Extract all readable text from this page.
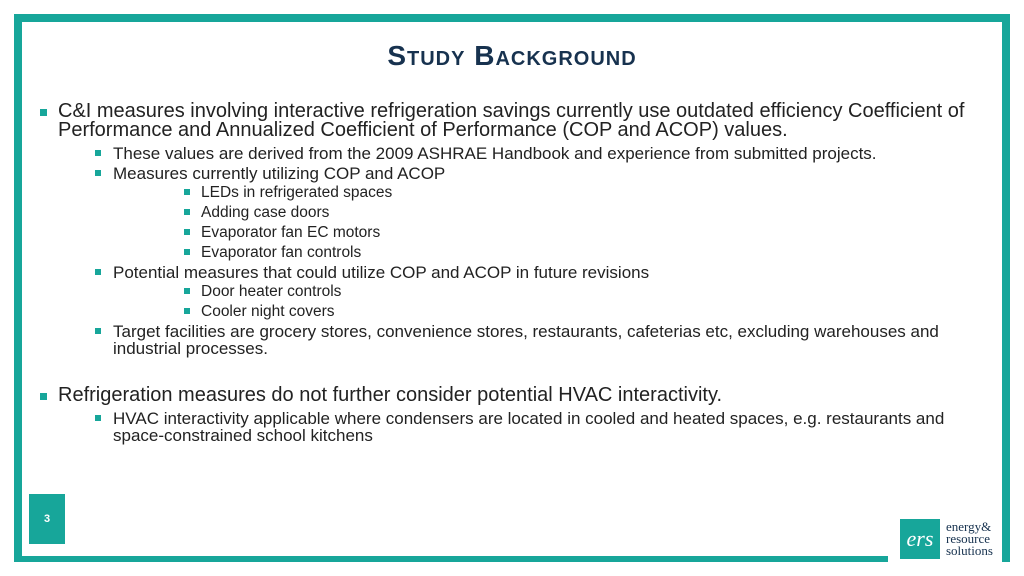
Study Background
C&I measures involving interactive refrigeration savings currently use outdated efficiency Coefficient of Performance and Annualized Coefficient of Performance (COP and ACOP) values.
These values are derived from the 2009 ASHRAE Handbook and experience from submitted projects.
Measures currently utilizing COP and ACOP
LEDs in refrigerated spaces
Adding case doors
Evaporator fan EC motors
Evaporator fan controls
Potential measures that could utilize COP and ACOP in future revisions
Door heater controls
Cooler night covers
Target facilities are grocery stores, convenience stores, restaurants, cafeterias etc, excluding warehouses and industrial processes.
Refrigeration measures do not further consider potential HVAC interactivity.
HVAC interactivity applicable where condensers are located in cooled and heated spaces, e.g. restaurants and space-constrained school kitchens
3
ers energy&
resource
solutions
